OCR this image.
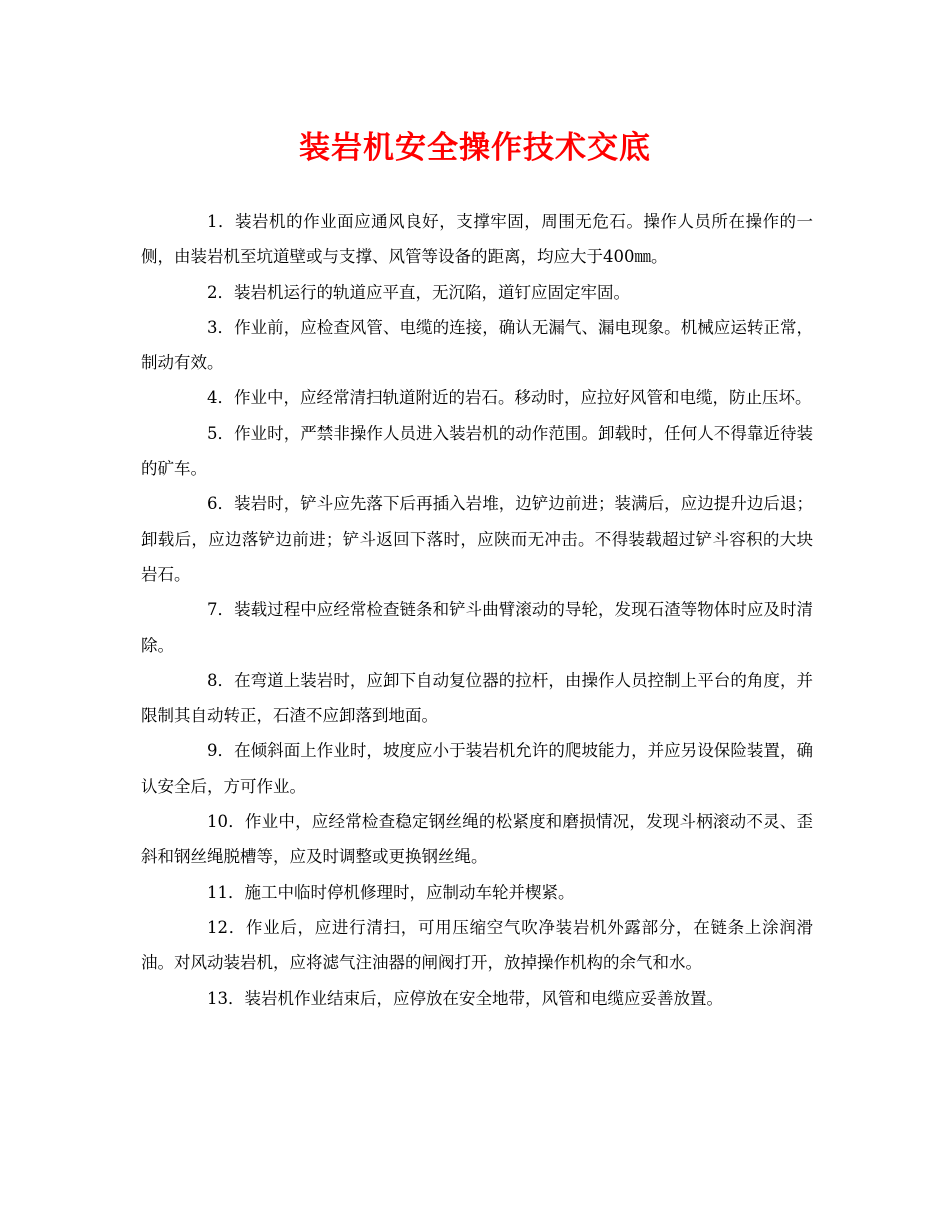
装岩机安全操作技术交底

1．装岩机的作业面应通风良好，支撑牢固，周围无危石。操作人员所在操作的一侧，由装岩机至坑道壁或与支撑、风管等设备的距离，均应大于400㎜。

2．装岩机运行的轨道应平直，无沉陷，道钉应固定牢固。

3．作业前，应检查风管、电缆的连接，确认无漏气、漏电现象。机械应运转正常，制动有效。

4．作业中，应经常清扫轨道附近的岩石。移动时，应拉好风管和电缆，防止压坏。

5．作业时，严禁非操作人员进入装岩机的动作范围。卸载时，任何人不得靠近待装的矿车。

6．装岩时，铲斗应先落下后再插入岩堆，边铲边前进；装满后，应边提升边后退；卸载后，应边落铲边前进；铲斗返回下落时，应陕而无冲击。不得装载超过铲斗容积的大块岩石。

7．装载过程中应经常检查链条和铲斗曲臂滚动的导轮，发现石渣等物体时应及时清除。

8．在弯道上装岩时，应卸下自动复位器的拉杆，由操作人员控制上平台的角度，并限制其自动转正，石渣不应卸落到地面。

9．在倾斜面上作业时，坡度应小于装岩机允许的爬坡能力，并应另设保险装置，确认安全后，方可作业。

10．作业中，应经常检查稳定钢丝绳的松紧度和磨损情况，发现斗柄滚动不灵、歪斜和钢丝绳脱槽等，应及时调整或更换钢丝绳。

11．施工中临时停机修理时，应制动车轮并楔紧。

12．作业后，应进行清扫，可用压缩空气吹净装岩机外露部分，在链条上涂润滑油。对风动装岩机，应将滤气注油器的闸阀打开，放掉操作机构的余气和水。

13．装岩机作业结束后，应停放在安全地带，风管和电缆应妥善放置。
